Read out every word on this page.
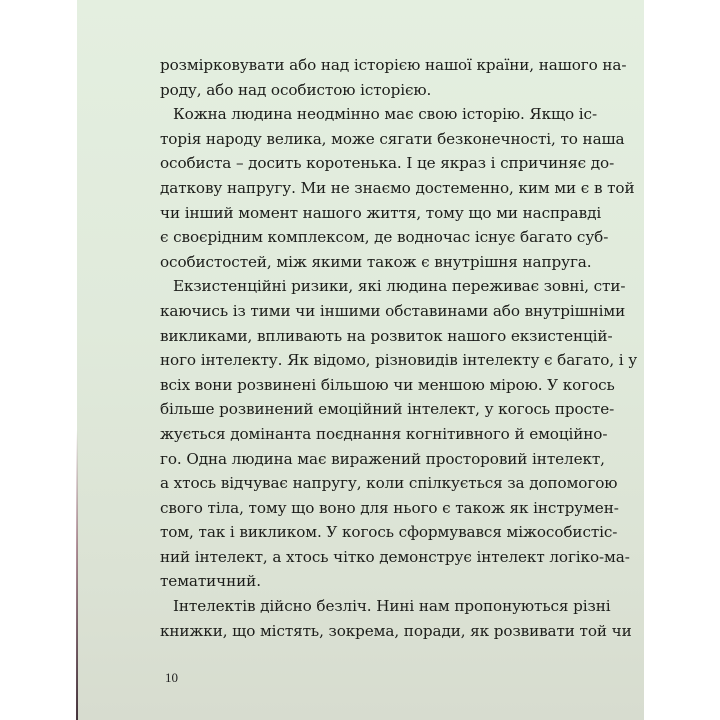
розмірковувати або над історією нашої країни, нашого на-
роду, або над особистою історією.
Кожна людина неодмінно має свою історію. Якщо іс-
торія народу велика, може сягати безконечності, то наша
особиста – досить коротенька. І це якраз і спричиняє до-
даткову напругу. Ми не знаємо достеменно, ким ми є в той
чи інший момент нашого життя, тому що ми насправді
є своєрідним комплексом, де водночас існує багато суб-
особистостей, між якими також є внутрішня напруга.
Екзистенційні ризики, які людина переживає зовні, сти-
каючись із тими чи іншими обставинами або внутрішніми
викликами, впливають на розвиток нашого екзистенцій-
ного інтелекту. Як відомо, різновидів інтелекту є багато, і у
всіх вони розвинені більшою чи меншою мірою. У когось
більше розвинений емоційний інтелект, у когось просте-
жується домінанта поєднання когнітивного й емоційно-
го. Одна людина має виражений просторовий інтелект,
а хтось відчуває напругу, коли спілкується за допомогою
свого тіла, тому що воно для нього є також як інструмен-
том, так і викликом. У когось сформувався міжособистіс-
ний інтелект, а хтось чітко демонструє інтелект логіко-ма-
тематичний.
Інтелектів дійсно безліч. Нині нам пропонуються різні
книжки, що містять, зокрема, поради, як розвивати той чи
10
